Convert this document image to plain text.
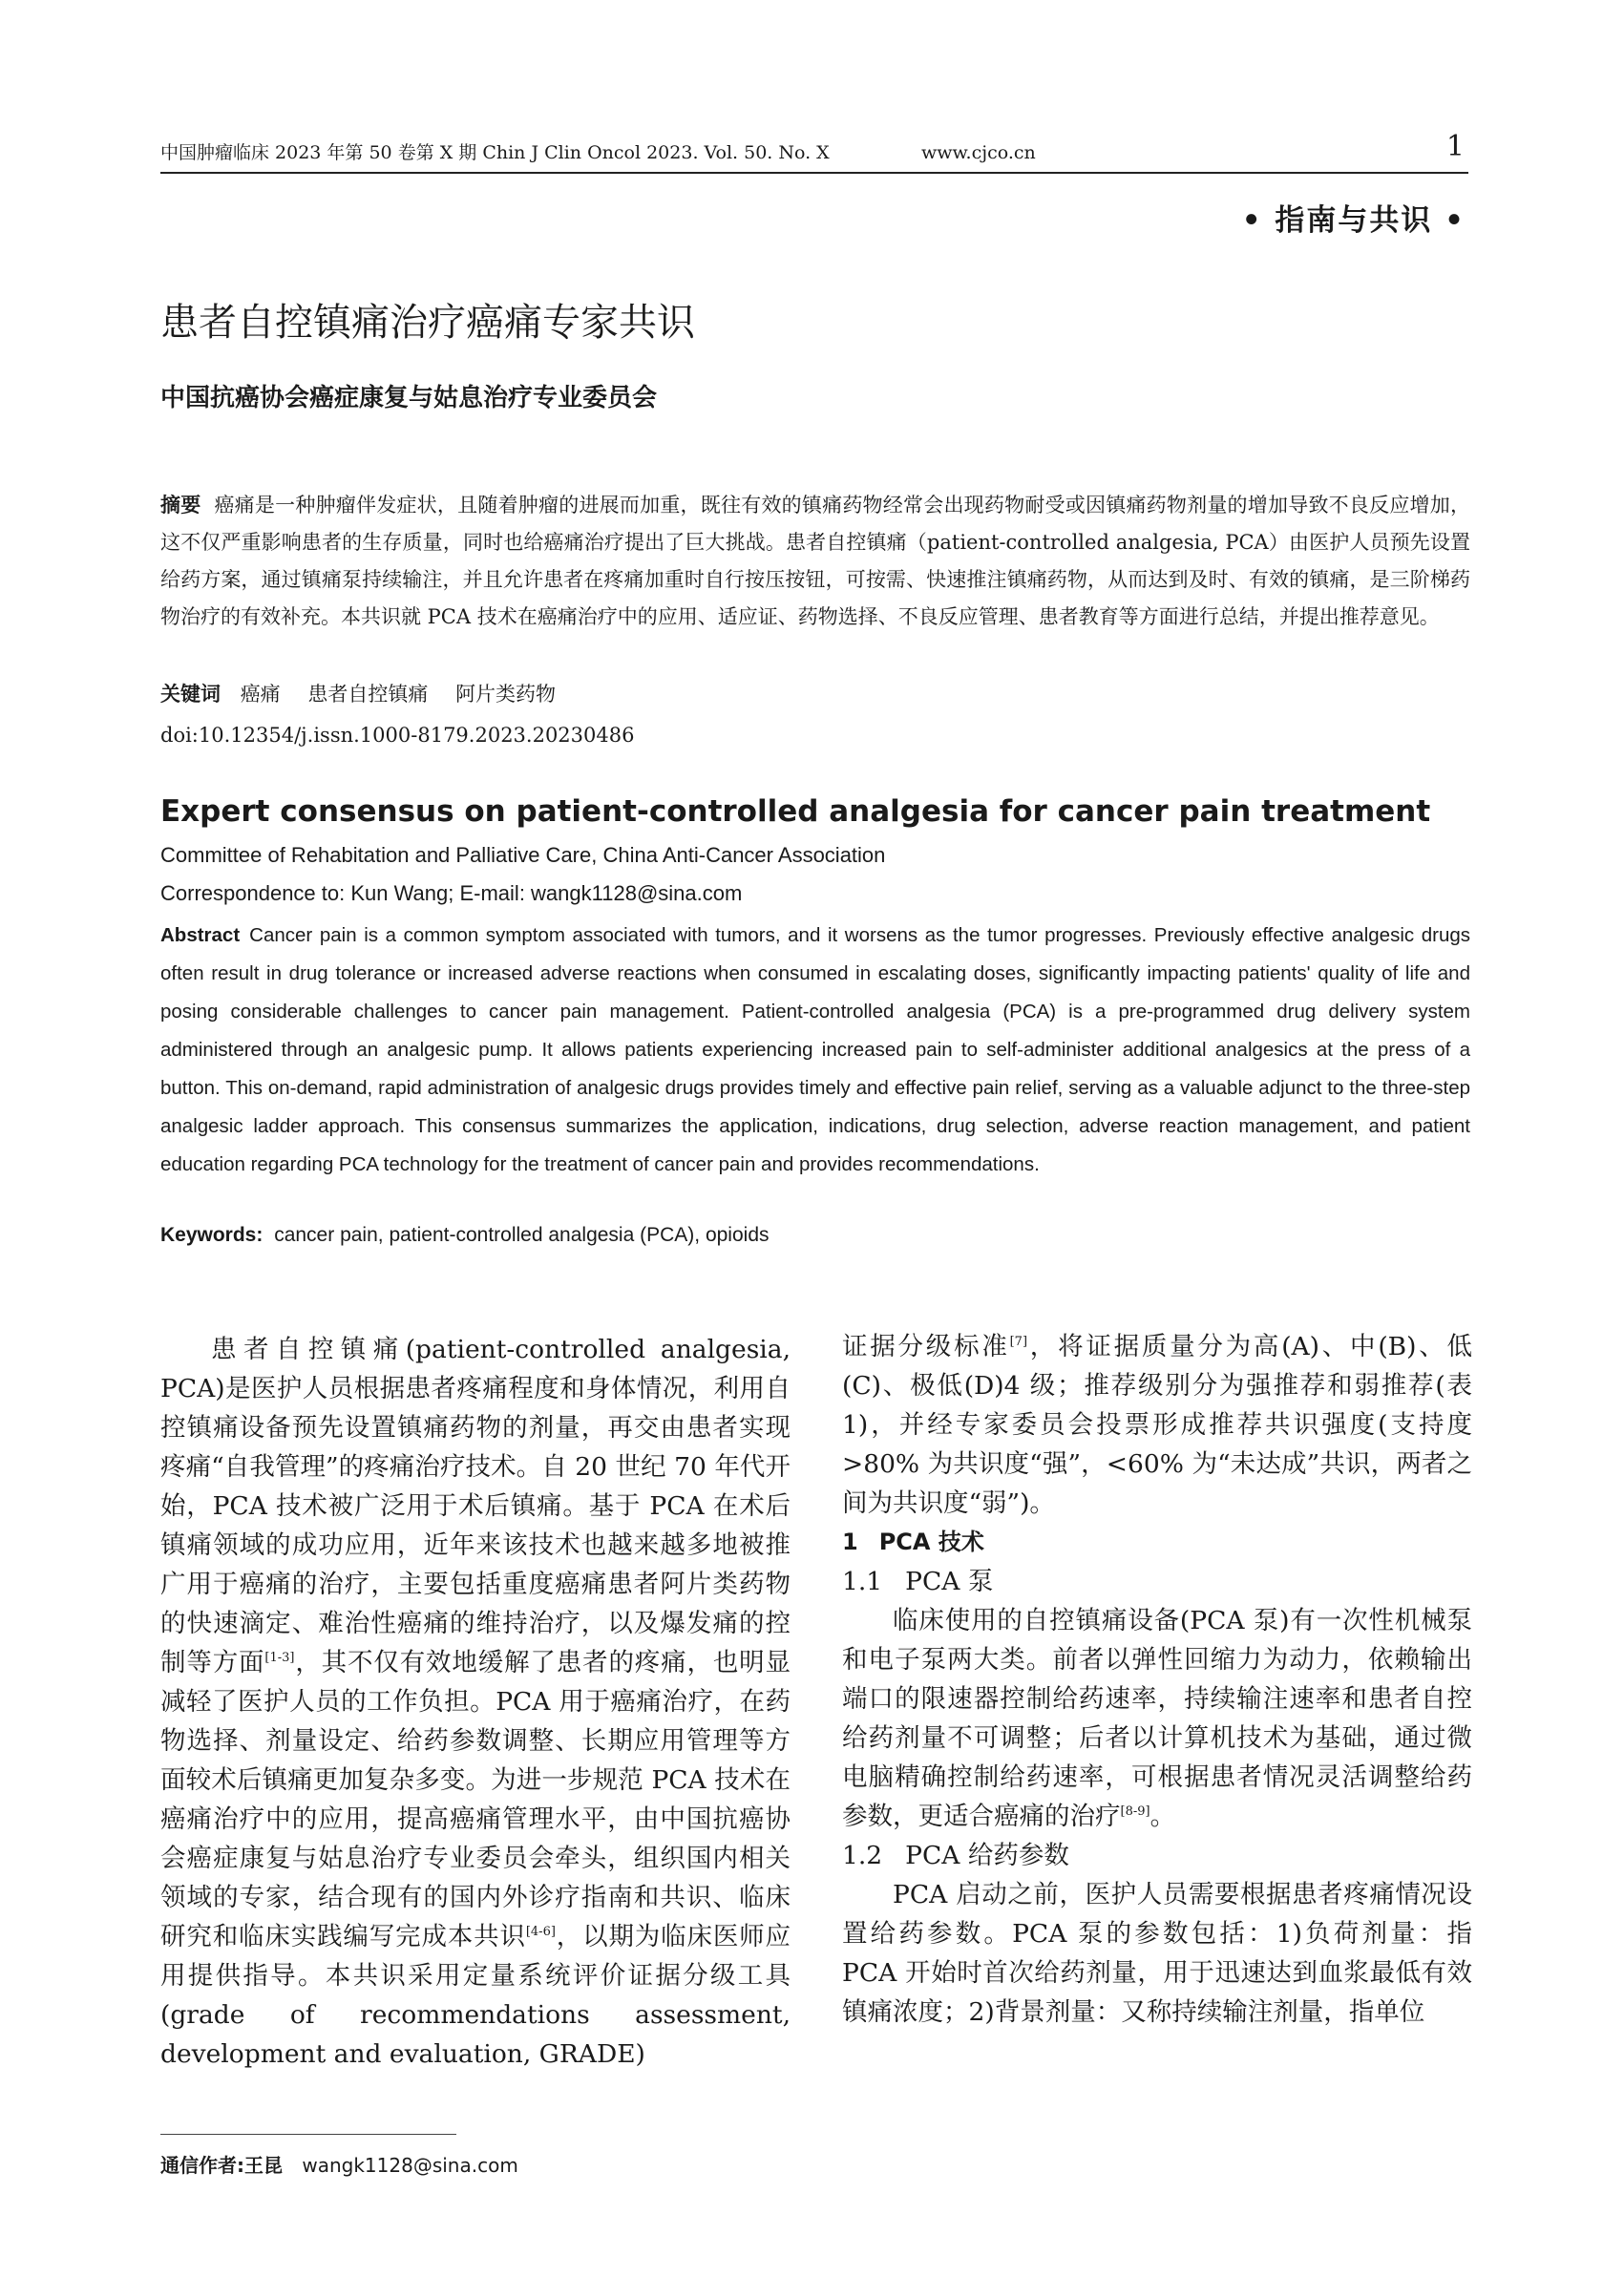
中国肿瘤临床 2023 年第 50 卷第 X 期 Chin J Clin Oncol 2023. Vol. 50. No. X	www.cjco.cn	1
• 指南与共识 •
患者自控镇痛治疗癌痛专家共识
中国抗癌协会癌症康复与姑息治疗专业委员会
摘要 癌痛是一种肿瘤伴发症状，且随着肿瘤的进展而加重，既往有效的镇痛药物经常会出现药物耐受或因镇痛药物剂量的增加导致不良反应增加，这不仅严重影响患者的生存质量，同时也给癌痛治疗提出了巨大挑战。患者自控镇痛（patient-controlled analgesia, PCA）由医护人员预先设置给药方案，通过镇痛泵持续输注，并且允许患者在疼痛加重时自行按压按钮，可按需、快速推注镇痛药物，从而达到及时、有效的镇痛，是三阶梯药物治疗的有效补充。本共识就 PCA 技术在癌痛治疗中的应用、适应证、药物选择、不良反应管理、患者教育等方面进行总结，并提出推荐意见。
关键词 癌痛 患者自控镇痛 阿片类药物
doi:10.12354/j.issn.1000-8179.2023.20230486
Expert consensus on patient-controlled analgesia for cancer pain treatment
Committee of Rehabitation and Palliative Care, China Anti-Cancer Association
Correspondence to: Kun Wang; E-mail: wangk1128@sina.com
Abstract Cancer pain is a common symptom associated with tumors, and it worsens as the tumor progresses. Previously effective analgesic drugs often result in drug tolerance or increased adverse reactions when consumed in escalating doses, significantly impacting patients' quality of life and posing considerable challenges to cancer pain management. Patient-controlled analgesia (PCA) is a pre-programmed drug delivery system administered through an analgesic pump. It allows patients experiencing increased pain to self-administer additional analgesics at the press of a button. This on-demand, rapid administration of analgesic drugs provides timely and effective pain relief, serving as a valuable adjunct to the three-step analgesic ladder approach. This consensus summarizes the application, indications, drug selection, adverse reaction management, and patient education regarding PCA technology for the treatment of cancer pain and provides recommendations.
Keywords: cancer pain, patient-controlled analgesia (PCA), opioids

患者自控镇痛(patient-controlled analgesia, PCA)是医护人员根据患者疼痛程度和身体情况，利用自控镇痛设备预先设置镇痛药物的剂量，再交由患者实现疼痛“自我管理”的疼痛治疗技术。自 20 世纪 70 年代开始，PCA 技术被广泛用于术后镇痛。基于 PCA 在术后镇痛领域的成功应用，近年来该技术也越来越多地被推广用于癌痛的治疗，主要包括重度癌痛患者阿片类药物的快速滴定、难治性癌痛的维持治疗，以及爆发痛的控制等方面[1-3]，其不仅有效地缓解了患者的疼痛，也明显减轻了医护人员的工作负担。PCA 用于癌痛治疗，在药物选择、剂量设定、给药参数调整、长期应用管理等方面较术后镇痛更加复杂多变。为进一步规范 PCA 技术在癌痛治疗中的应用，提高癌痛管理水平，由中国抗癌协会癌症康复与姑息治疗专业委员会牵头，组织国内相关领域的专家，结合现有的国内外诊疗指南和共识、临床研究和临床实践编写完成本共识[4-6]，以期为临床医师应用提供指导。本共识采用定量系统评价证据分级工具(grade of recommendations assessment, development and evaluation, GRADE)

证据分级标准[7]，将证据质量分为高(A)、中(B)、低(C)、极低(D)4 级；推荐级别分为强推荐和弱推荐(表 1)，并经专家委员会投票形成推荐共识强度(支持度>80% 为共识度“强”，<60% 为“未达成”共识，两者之间为共识度“弱”)。

1 PCA 技术

1.1 PCA 泵

临床使用的自控镇痛设备(PCA 泵)有一次性机械泵和电子泵两大类。前者以弹性回缩力为动力，依赖输出端口的限速器控制给药速率，持续输注速率和患者自控给药剂量不可调整；后者以计算机技术为基础，通过微电脑精确控制给药速率，可根据患者情况灵活调整给药参数，更适合癌痛的治疗[8-9]。

1.2 PCA 给药参数

PCA 启动之前，医护人员需要根据患者疼痛情况设置给药参数。PCA 泵的参数包括：1)负荷剂量：指 PCA 开始时首次给药剂量，用于迅速达到血浆最低有效镇痛浓度；2)背景剂量：又称持续输注剂量，指单位

通信作者:王昆 wangk1128@sina.com
